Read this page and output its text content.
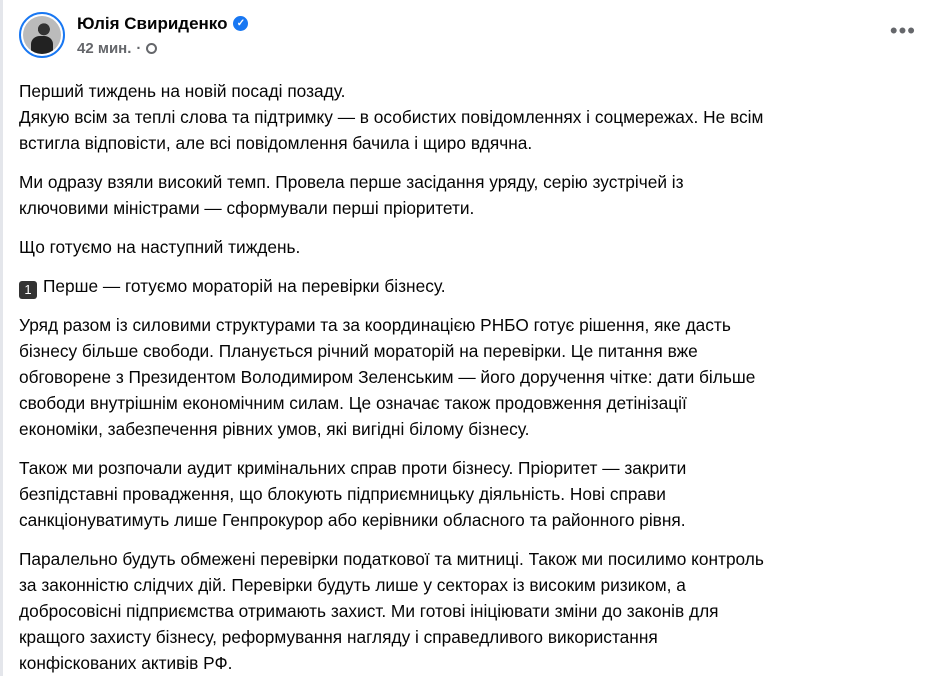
Юлія Свириденко ✓
42 мин. ·
•••
Перший тиждень на новій посаді позаду.
Дякую всім за теплі слова та підтримку — в особистих повідомленнях і соцмережах. Не всім
встигла відповісти, але всі повідомлення бачила і щиро вдячна.
Ми одразу взяли високий темп. Провела перше засідання уряду, серію зустрічей із
ключовими міністрами — сформували перші пріоритети.
Що готуємо на наступний тиждень.
1 Перше — готуємо мораторій на перевірки бізнесу.
Уряд разом із силовими структурами та за координацією РНБО готує рішення, яке дасть
бізнесу більше свободи. Планується річний мораторій на перевірки. Це питання вже
обговорене з Президентом Володимиром Зеленським — його доручення чітке: дати більше
свободи внутрішнім економічним силам. Це означає також продовження детінізації
економіки, забезпечення рівних умов, які вигідні білому бізнесу.
Також ми розпочали аудит кримінальних справ проти бізнесу. Пріоритет — закрити
безпідставні провадження, що блокують підприємницьку діяльність. Нові справи
санкціонуватимуть лише Генпрокурор або керівники обласного та районного рівня.
Паралельно будуть обмежені перевірки податкової та митниці. Також ми посилимо контроль
за законністю слідчих дій. Перевірки будуть лише у секторах із високим ризиком, а
добросовісні підприємства отримають захист. Ми готові ініціювати зміни до законів для
кращого захисту бізнесу, реформування нагляду і справедливого використання
конфіскованих активів РФ.
